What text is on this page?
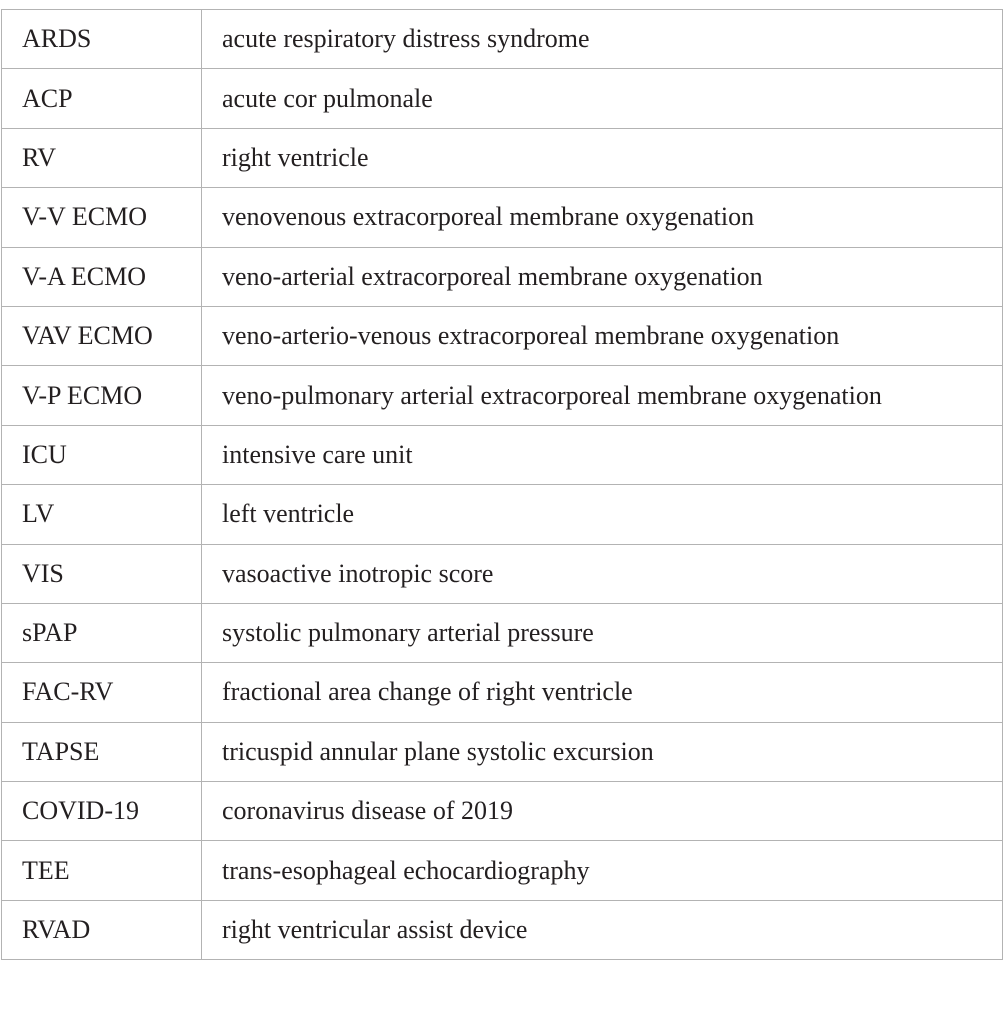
ARDS	acute respiratory distress syndrome
ACP	acute cor pulmonale
RV	right ventricle
V-V ECMO	venovenous extracorporeal membrane oxygenation
V-A ECMO	veno-arterial extracorporeal membrane oxygenation
VAV ECMO	veno-arterio-venous extracorporeal membrane oxygenation
V-P ECMO	veno-pulmonary arterial extracorporeal membrane oxygenation
ICU	intensive care unit
LV	left ventricle
VIS	vasoactive inotropic score
sPAP	systolic pulmonary arterial pressure
FAC-RV	fractional area change of right ventricle
TAPSE	tricuspid annular plane systolic excursion
COVID-19	coronavirus disease of 2019
TEE	trans-esophageal echocardiography
RVAD	right ventricular assist device
